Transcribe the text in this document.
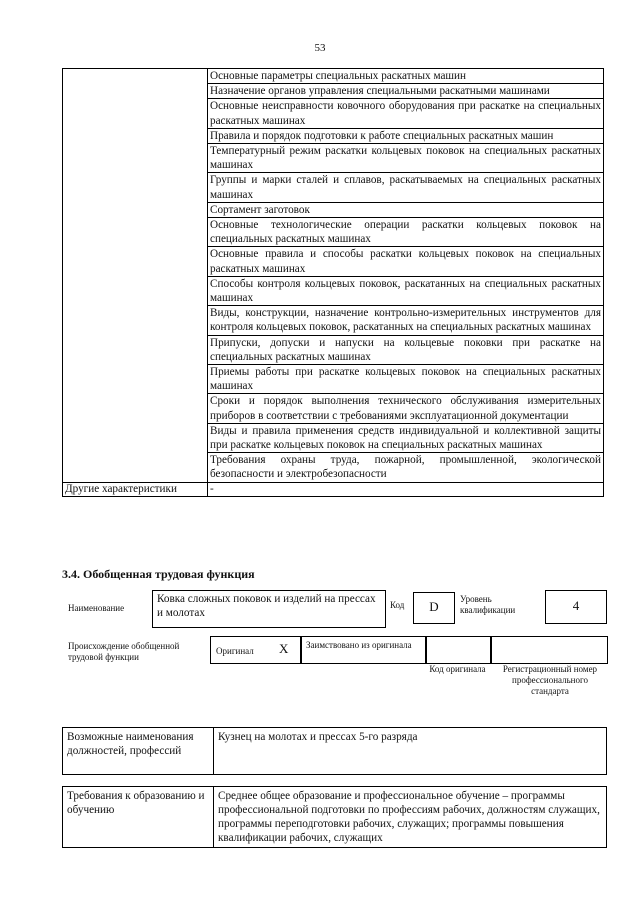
53
	Основные параметры специальных раскатных машин
	Назначение органов управления специальными раскатными машинами
	Основные неисправности ковочного оборудования при раскатке на специальных раскатных машинах
	Правила и порядок подготовки к работе специальных раскатных машин
	Температурный режим раскатки кольцевых поковок на специальных раскатных машинах
	Группы и марки сталей и сплавов, раскатываемых на специальных раскатных машинах
	Сортамент заготовок
	Основные технологические операции раскатки кольцевых поковок на специальных раскатных машинах
	Основные правила и способы раскатки кольцевых поковок на специальных раскатных машинах
	Способы контроля кольцевых поковок, раскатанных на специальных раскатных машинах
	Виды, конструкции, назначение контрольно-измерительных инструментов для контроля кольцевых поковок, раскатанных на специальных раскатных машинах
	Припуски, допуски и напуски на кольцевые поковки при раскатке на специальных раскатных машинах
	Приемы работы при раскатке кольцевых поковок на специальных раскатных машинах
	Сроки и порядок выполнения технического обслуживания измерительных приборов в соответствии с требованиями эксплуатационной документации
	Виды и правила применения средств индивидуальной и коллективной защиты при раскатке кольцевых поковок на специальных раскатных машинах
	Требования охраны труда, пожарной, промышленной, экологической безопасности и электробезопасности
Другие характеристики	-
3.4. Обобщенная трудовая функция
Наименование
Ковка сложных поковок и изделий на прессах и молотах
Код	D	Уровень квалификации	4
Происхождение обобщенной трудовой функции
Оригинал X Заимствовано из оригинала
Код оригинала	Регистрационный номер профессионального стандарта
Возможные наименования должностей, профессий	Кузнец на молотах и прессах 5-го разряда
Требования к образованию и обучению	Среднее общее образование и профессиональное обучение – программы профессиональной подготовки по профессиям рабочих, должностям служащих, программы переподготовки рабочих, служащих; программы повышения квалификации рабочих, служащих
